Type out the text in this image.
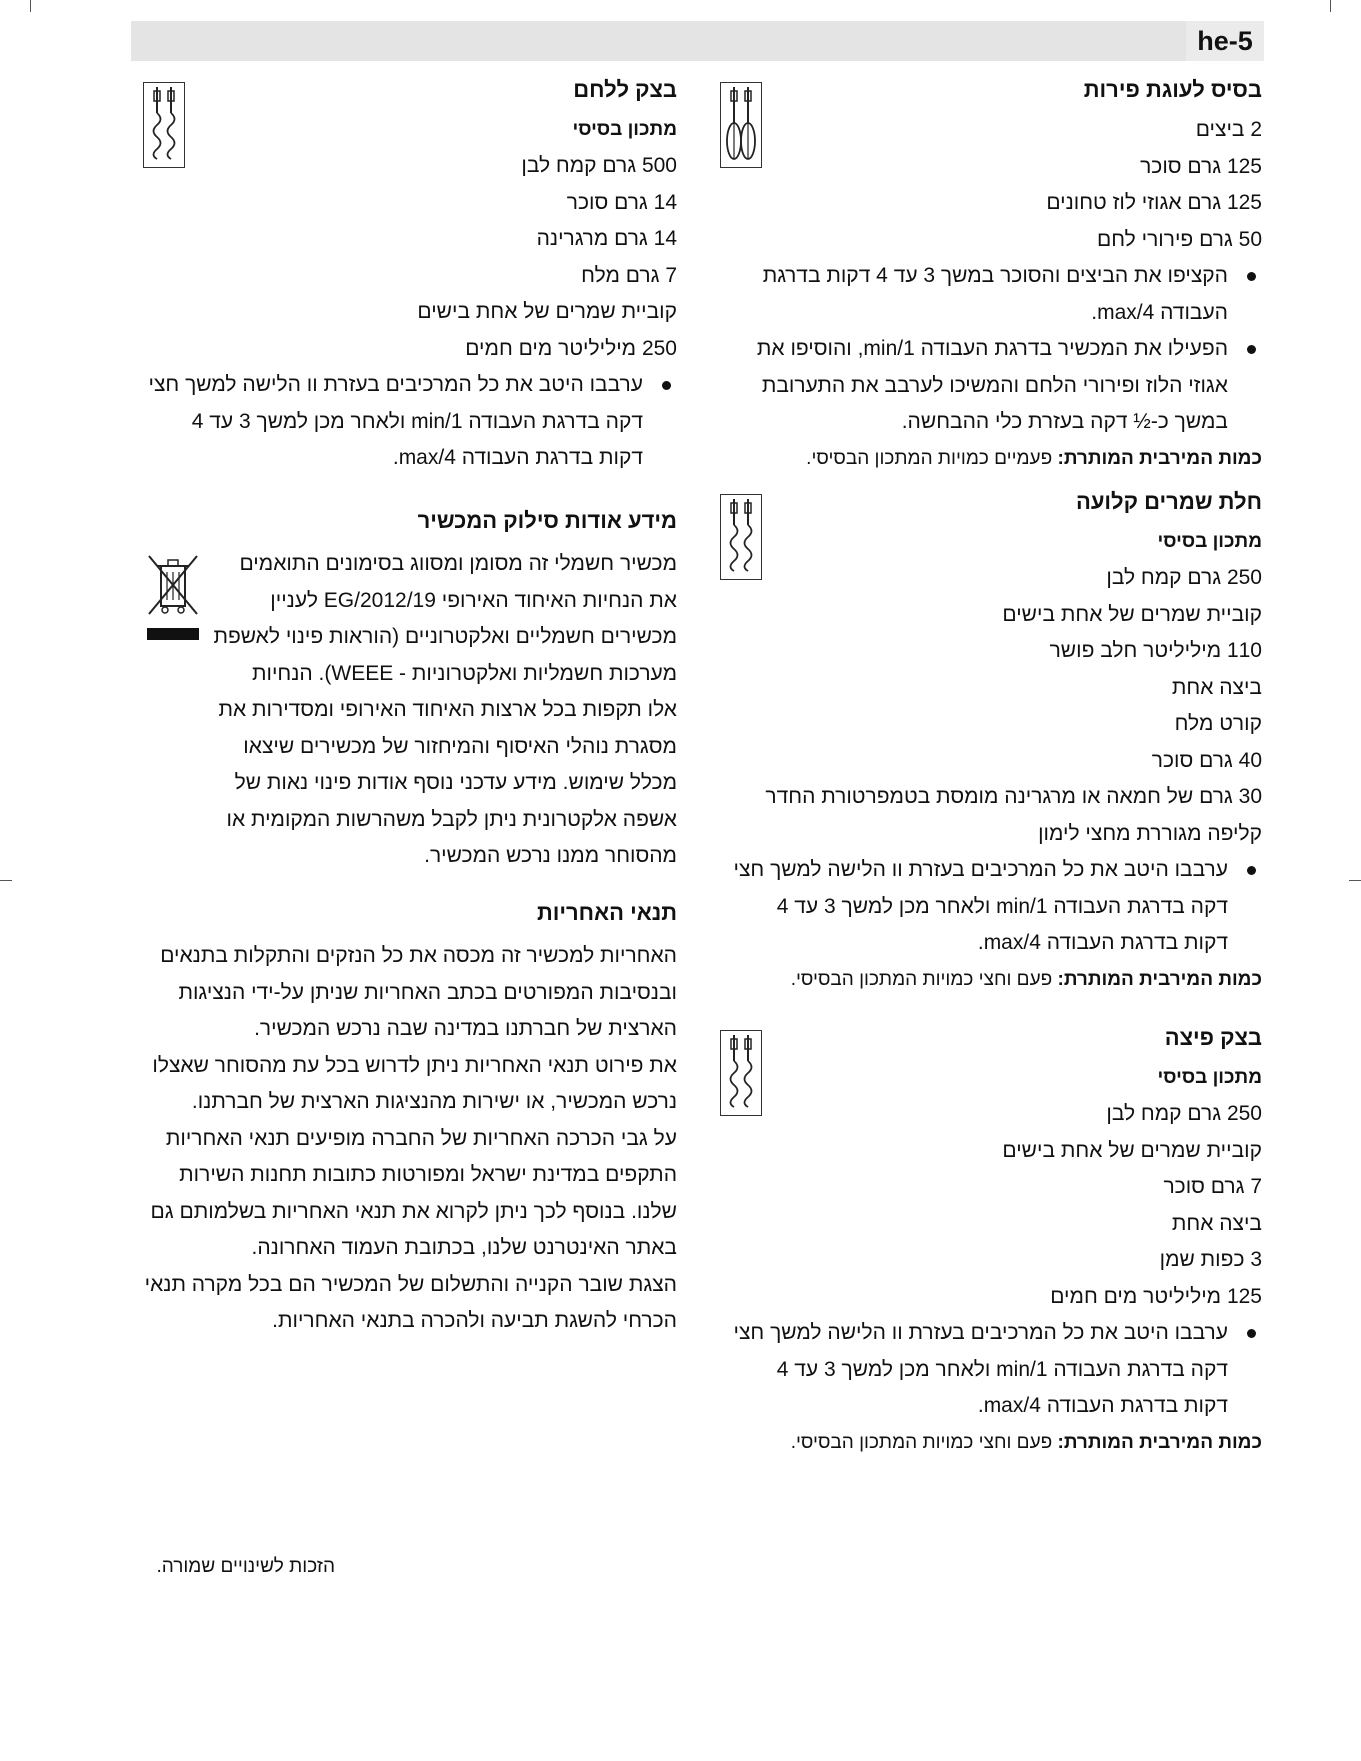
he-5
בסיס לעוגת פירות
2 ביצים
125 גרם סוכר
125 גרם אגוזי לוז טחונים
50 גרם פירורי לחם
הקציפו את הביצים והסוכר במשך 3 עד 4 דקות בדרגת
העבודה max/4.
הפעילו את המכשיר בדרגת העבודה min/1, והוסיפו את
אגוזי הלוז ופירורי הלחם והמשיכו לערבב את התערובת
במשך כ-½ דקה בעזרת כלי ההבחשה.
כמות המירבית המותרת: פעמיים כמויות המתכון הבסיסי.
חלת שמרים קלועה
מתכון בסיסי
250 גרם קמח לבן
קוביית שמרים של אחת בישים
110 מיליליטר חלב פושר
ביצה אחת
קורט מלח
40 גרם סוכר
30 גרם של חמאה או מרגרינה מומסת בטמפרטורת החדר
קליפה מגוררת מחצי לימון
ערבבו היטב את כל המרכיבים בעזרת וו הלישה למשך חצי
דקה בדרגת העבודה min/1 ולאחר מכן למשך 3 עד 4
דקות בדרגת העבודה max/4.
כמות המירבית המותרת: פעם וחצי כמויות המתכון הבסיסי.
בצק פיצה
מתכון בסיסי
250 גרם קמח לבן
קוביית שמרים של אחת בישים
7 גרם סוכר
ביצה אחת
3 כפות שמן
125 מיליליטר מים חמים
ערבבו היטב את כל המרכיבים בעזרת וו הלישה למשך חצי
דקה בדרגת העבודה min/1 ולאחר מכן למשך 3 עד 4
דקות בדרגת העבודה max/4.
כמות המירבית המותרת: פעם וחצי כמויות המתכון הבסיסי.
בצק ללחם
מתכון בסיסי
500 גרם קמח לבן
14 גרם סוכר
14 גרם מרגרינה
7 גרם מלח
קוביית שמרים של אחת בישים
250 מיליליטר מים חמים
ערבבו היטב את כל המרכיבים בעזרת וו הלישה למשך חצי
דקה בדרגת העבודה min/1 ולאחר מכן למשך 3 עד 4
דקות בדרגת העבודה max/4.
מידע אודות סילוק המכשיר
מכשיר חשמלי זה מסומן ומסווג בסימונים התואמים
את הנחיות האיחוד האירופי 2012/19/EG לעניין
מכשירים חשמליים ואלקטרוניים (הוראות פינוי לאשפת
מערכות חשמליות ואלקטרוניות - WEEE). הנחיות
אלו תקפות בכל ארצות האיחוד האירופי ומסדירות את
מסגרת נוהלי האיסוף והמיחזור של מכשירים שיצאו
מכלל שימוש. מידע עדכני נוסף אודות פינוי נאות של
אשפה אלקטרונית ניתן לקבל משהרשות המקומית או
מהסוחר ממנו נרכש המכשיר.
תנאי האחריות
האחריות למכשיר זה מכסה את כל הנזקים והתקלות בתנאים
ובנסיבות המפורטים בכתב האחריות שניתן על-ידי הנציגות
הארצית של חברתנו במדינה שבה נרכש המכשיר.
את פירוט תנאי האחריות ניתן לדרוש בכל עת מהסוחר שאצלו
נרכש המכשיר, או ישירות מהנציגות הארצית של חברתנו.
על גבי הכרכה האחריות של החברה מופיעים תנאי האחריות
התקפים במדינת ישראל ומפורטות כתובות תחנות השירות
שלנו. בנוסף לכך ניתן לקרוא את תנאי האחריות בשלמותם גם
באתר האינטרנט שלנו, בכתובת העמוד האחרונה.
הצגת שובר הקנייה והתשלום של המכשיר הם בכל מקרה תנאי
הכרחי להשגת תביעה ולהכרה בתנאי האחריות.
הזכות לשינויים שמורה.
